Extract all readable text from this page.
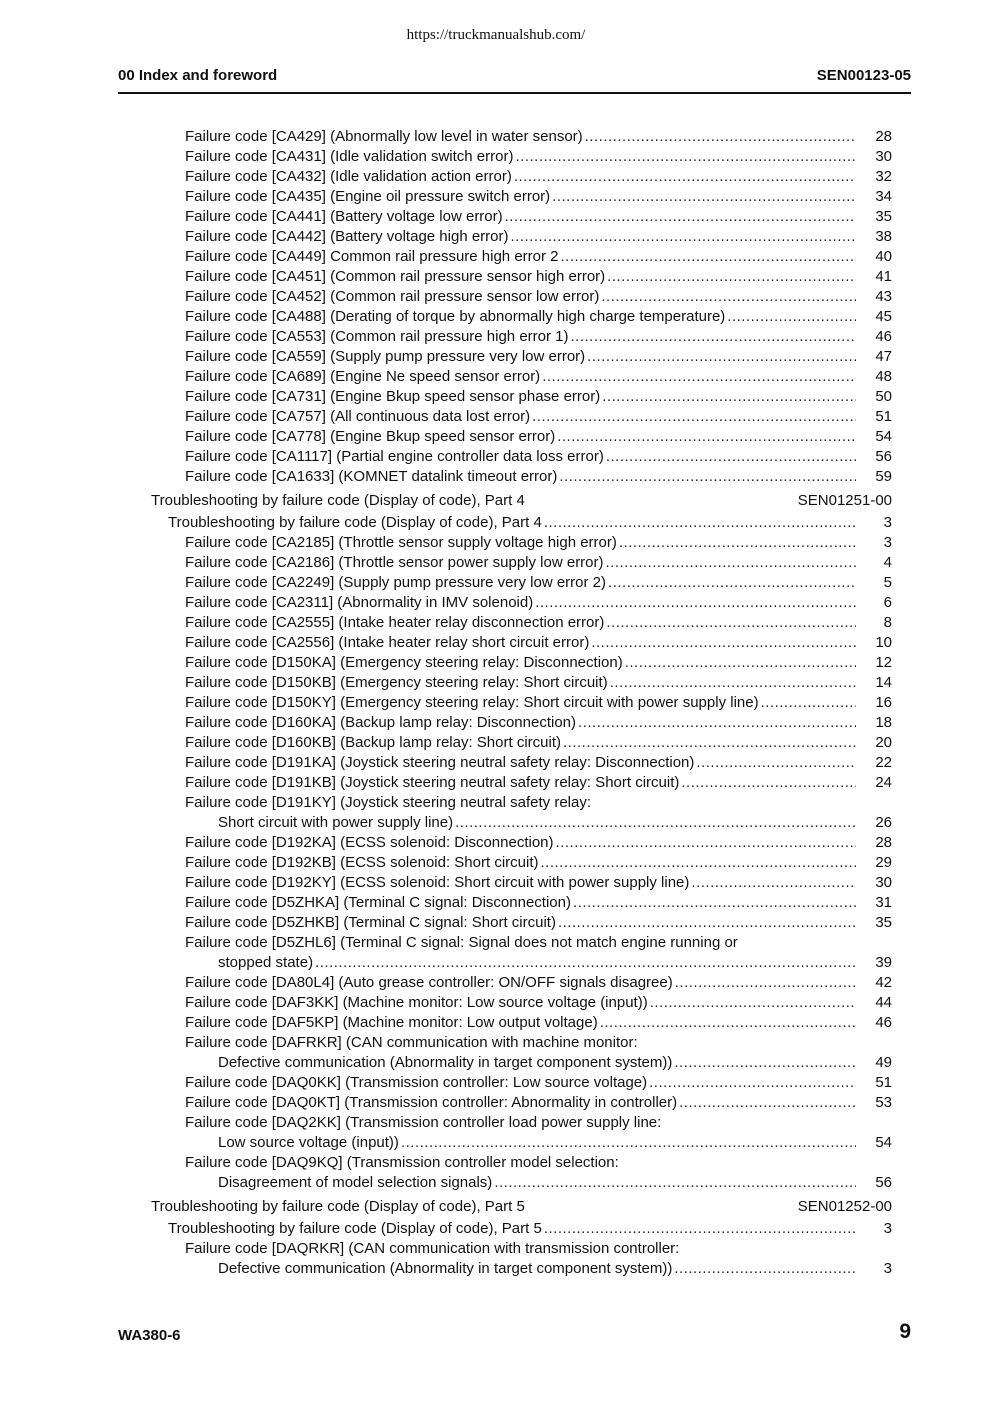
https://truckmanualshub.com/
00 Index and foreword	SEN00123-05
Failure code [CA429] (Abnormally low level in water sensor) .....	28
Failure code [CA431] (Idle validation switch error) .....	30
Failure code [CA432] (Idle validation action error) .....	32
Failure code [CA435] (Engine oil pressure switch error) .....	34
Failure code [CA441] (Battery voltage low error) .....	35
Failure code [CA442] (Battery voltage high error) .....	38
Failure code [CA449] Common rail pressure high error 2 .....	40
Failure code [CA451] (Common rail pressure sensor high error) .....	41
Failure code [CA452] (Common rail pressure sensor low error) .....	43
Failure code [CA488] (Derating of torque by abnormally high charge temperature) .....	45
Failure code [CA553] (Common rail pressure high error 1) .....	46
Failure code [CA559] (Supply pump pressure very low error) .....	47
Failure code [CA689] (Engine Ne speed sensor error) .....	48
Failure code [CA731] (Engine Bkup speed sensor phase error) .....	50
Failure code [CA757] (All continuous data lost error) .....	51
Failure code [CA778] (Engine Bkup speed sensor error) .....	54
Failure code [CA1117] (Partial engine controller data loss error) .....	56
Failure code [CA1633] (KOMNET datalink timeout error) .....	59
Troubleshooting by failure code (Display of code), Part 4	SEN01251-00
Troubleshooting by failure code (Display of code), Part 4 .....	3
Failure code [CA2185] (Throttle sensor supply voltage high error) .....	3
Failure code [CA2186] (Throttle sensor power supply low error) .....	4
Failure code [CA2249] (Supply pump pressure very low error 2) .....	5
Failure code [CA2311] (Abnormality in IMV solenoid) .....	6
Failure code [CA2555] (Intake heater relay disconnection error) .....	8
Failure code [CA2556] (Intake heater relay short circuit error) .....	10
Failure code [D150KA] (Emergency steering relay: Disconnection) .....	12
Failure code [D150KB] (Emergency steering relay: Short circuit) .....	14
Failure code [D150KY] (Emergency steering relay: Short circuit with power supply line) .....	16
Failure code [D160KA] (Backup lamp relay: Disconnection) .....	18
Failure code [D160KB] (Backup lamp relay: Short circuit) .....	20
Failure code [D191KA] (Joystick steering neutral safety relay: Disconnection) .....	22
Failure code [D191KB] (Joystick steering neutral safety relay: Short circuit) .....	24
Failure code [D191KY] (Joystick steering neutral safety relay:
Short circuit with power supply line) .....	26
Failure code [D192KA] (ECSS solenoid: Disconnection) .....	28
Failure code [D192KB] (ECSS solenoid: Short circuit) .....	29
Failure code [D192KY] (ECSS solenoid: Short circuit with power supply line) .....	30
Failure code [D5ZHKA] (Terminal C signal: Disconnection) .....	31
Failure code [D5ZHKB] (Terminal C signal: Short circuit) .....	35
Failure code [D5ZHL6] (Terminal C signal: Signal does not match engine running or
stopped state) .....	39
Failure code [DA80L4] (Auto grease controller: ON/OFF signals disagree) .....	42
Failure code [DAF3KK] (Machine monitor: Low source voltage (input)) .....	44
Failure code [DAF5KP] (Machine monitor: Low output voltage) .....	46
Failure code [DAFRKR] (CAN communication with machine monitor:
Defective communication (Abnormality in target component system)) .....	49
Failure code [DAQ0KK] (Transmission controller: Low source voltage) .....	51
Failure code [DAQ0KT] (Transmission controller: Abnormality in controller) .....	53
Failure code [DAQ2KK] (Transmission controller load power supply line:
Low source voltage (input)) .....	54
Failure code [DAQ9KQ] (Transmission controller model selection:
Disagreement of model selection signals) .....	56
Troubleshooting by failure code (Display of code), Part 5	SEN01252-00
Troubleshooting by failure code (Display of code), Part 5 .....	3
Failure code [DAQRKR] (CAN communication with transmission controller:
Defective communication (Abnormality in target component system)) .....	3
WA380-6	9
